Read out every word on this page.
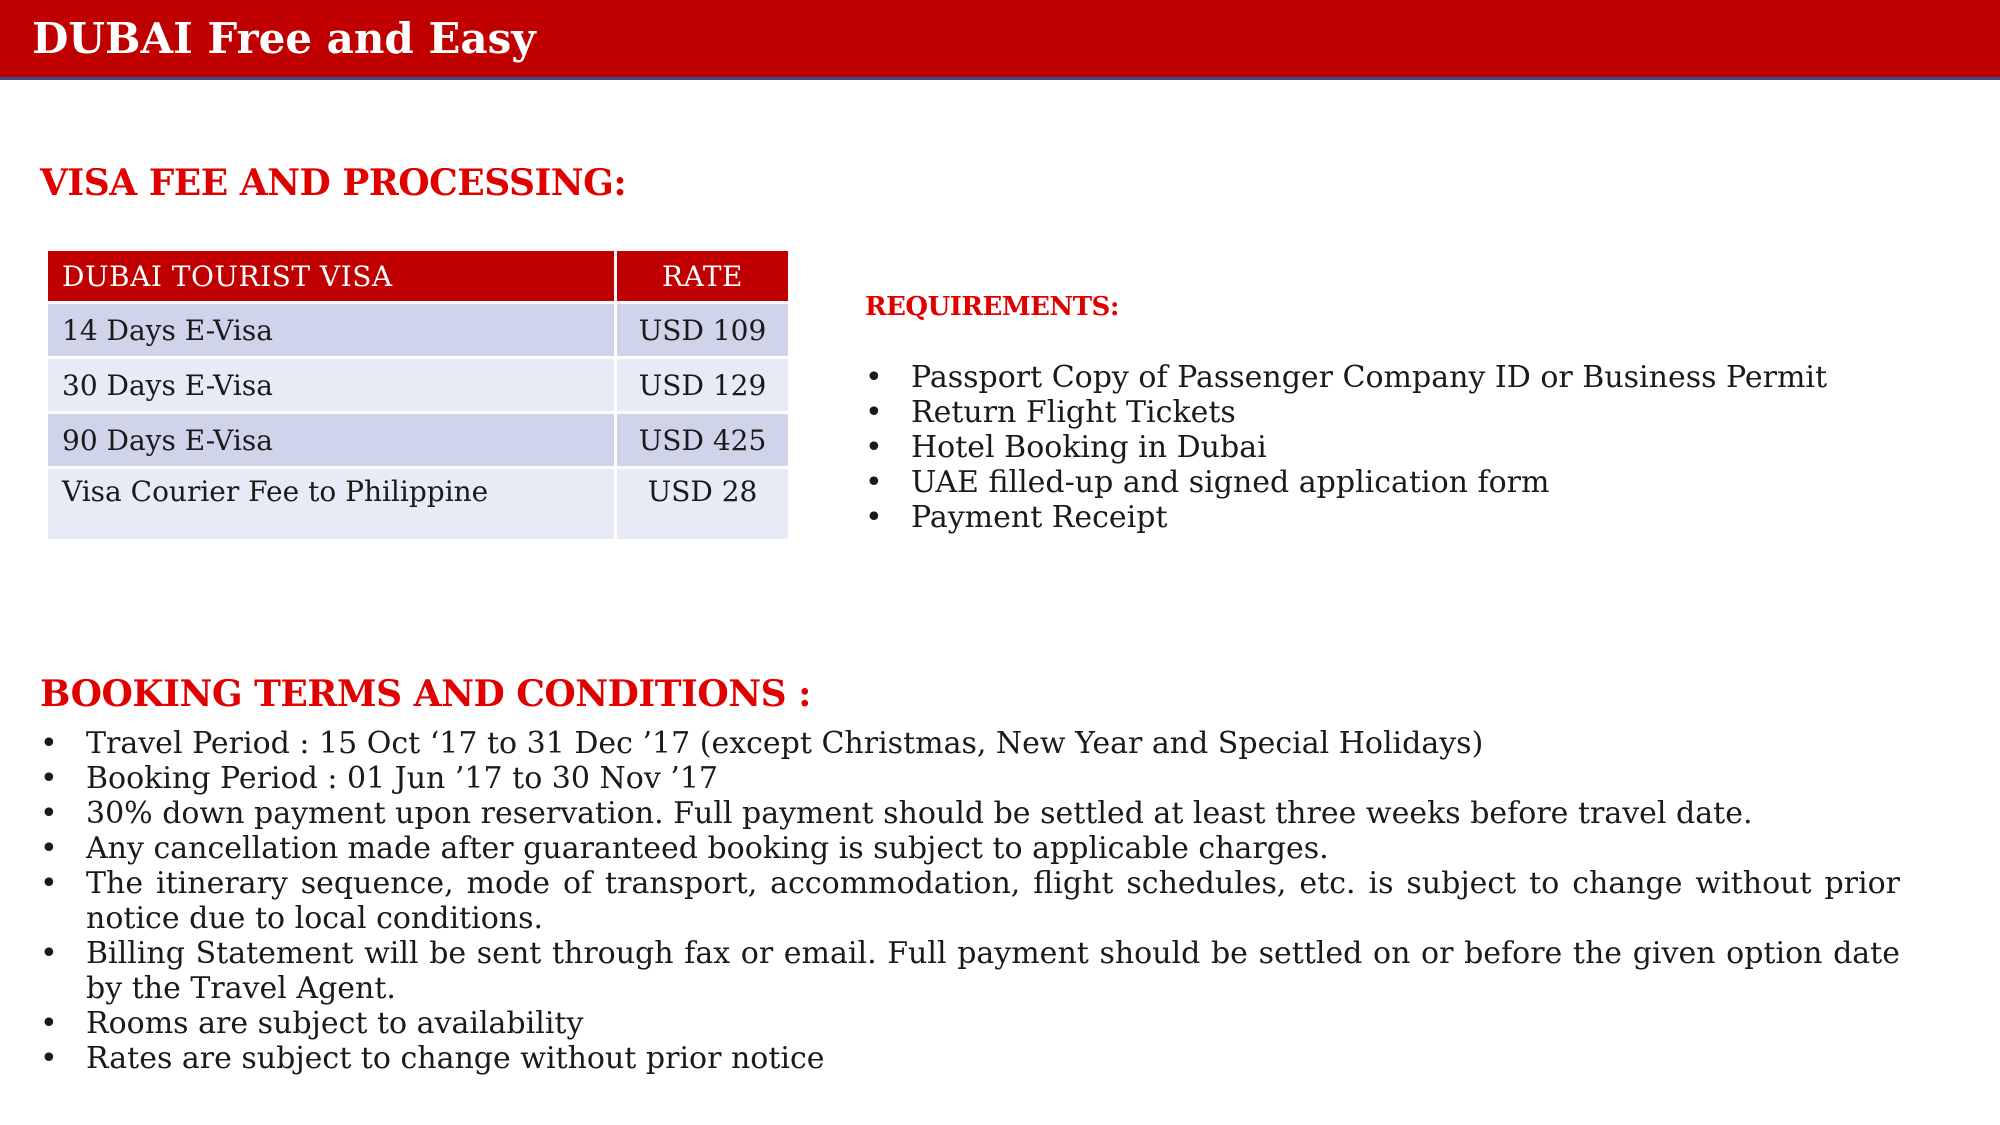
DUBAI Free and Easy
VISA FEE AND PROCESSING:
DUBAI TOURIST VISA	RATE
14 Days E-Visa	USD 109
30 Days E-Visa	USD 129
90 Days E-Visa	USD 425
Visa Courier Fee to Philippine	USD 28
REQUIREMENTS:
• Passport Copy of Passenger Company ID or Business Permit
• Return Flight Tickets
• Hotel Booking in Dubai
• UAE filled-up and signed application form
• Payment Receipt
BOOKING TERMS AND CONDITIONS :
• Travel Period : 15 Oct ‘17 to 31 Dec ’17 (except Christmas, New Year and Special Holidays)
• Booking Period : 01 Jun ’17 to 30 Nov ’17
• 30% down payment upon reservation. Full payment should be settled at least three weeks before travel date.
• Any cancellation made after guaranteed booking is subject to applicable charges.
• The itinerary sequence, mode of transport, accommodation, flight schedules, etc. is subject to change without prior notice due to local conditions.
• Billing Statement will be sent through fax or email. Full payment should be settled on or before the given option date by the Travel Agent.
• Rooms are subject to availability
• Rates are subject to change without prior notice
